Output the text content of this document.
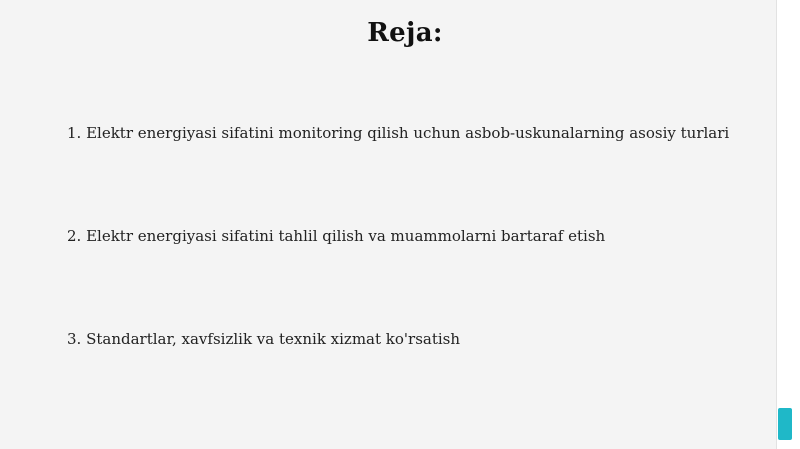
Reja:
1. Elektr energiyasi sifatini monitoring qilish uchun asbob-uskunalarning asosiy turlari
2. Elektr energiyasi sifatini tahlil qilish va muammolarni bartaraf etish
3. Standartlar, xavfsizlik va texnik xizmat ko'rsatish
